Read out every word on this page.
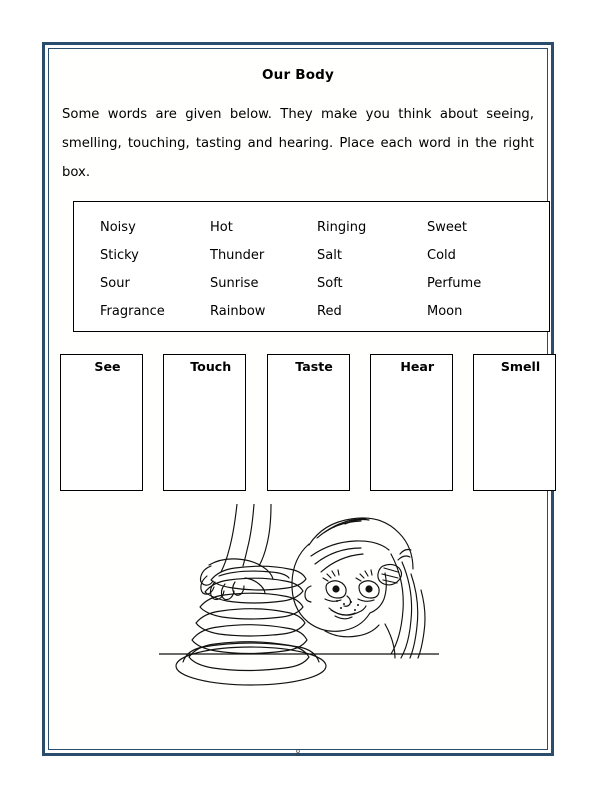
Our Body
Some words are given below. They make you think about seeing, smelling, touching, tasting and hearing. Place each word in the right box.
Noisy	Hot	Ringing	Sweet
Sticky	Thunder	Salt	Cold
Sour	Sunrise	Soft	Perfume
Fragrance	Rainbow	Red	Moon
See	Touch	Taste	Hear	Smell
8
